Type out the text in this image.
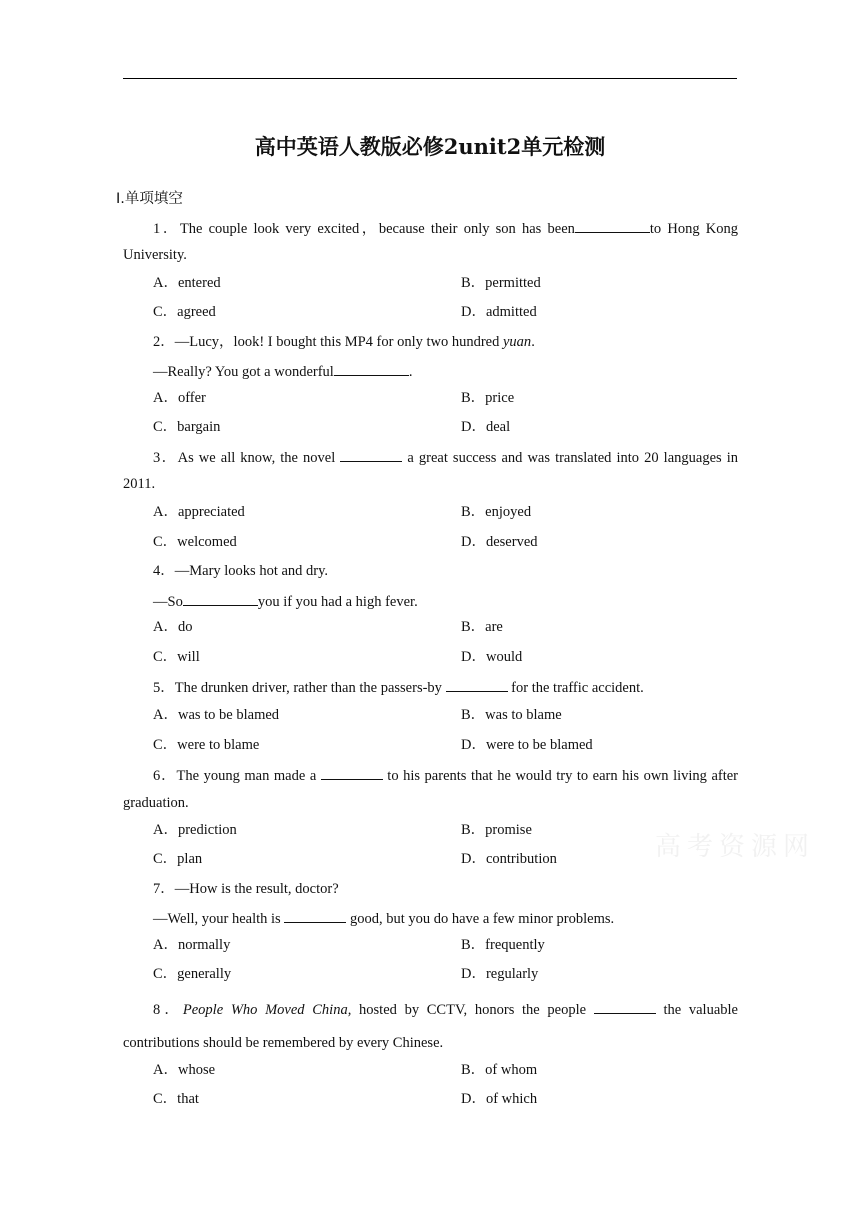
高中英语人教版必修2unit2单元检测
Ⅰ.单项填空
高考资源网
1．The couple look very excited，because their only son has been	to Hong Kong
University.
A．entered	B．permitted
C．agreed	D．admitted
2．—Lucy，look! I bought this MP4 for only two hundred yuan.
—Really? You got a wonderful	.
A．offer	B．price
C．bargain	D．deal
3．As we all know, the novel	a great success and was translated into 20 languages in
2011.
A．appreciated	B．enjoyed
C．welcomed	D．deserved
4．—Mary looks hot and dry.
—So	you if you had a high fever.
A．do	B．are
C．will	D．would
5．The drunken driver, rather than the passers-by	for the traffic accident.
A．was to be blamed	B．was to blame
C．were to blame	D．were to be blamed
6．The young man made a	to his parents that he would try to earn his own living after
graduation.
A．prediction	B．promise
C．plan	D．contribution
7．—How is the result, doctor?
—Well, your health is	good, but you do have a few minor problems.
A．normally	B．frequently
C．generally	D．regularly
8．People Who Moved China, hosted by CCTV, honors the people	the valuable
contributions should be remembered by every Chinese.
A．whose	B．of whom
C．that	D．of which
